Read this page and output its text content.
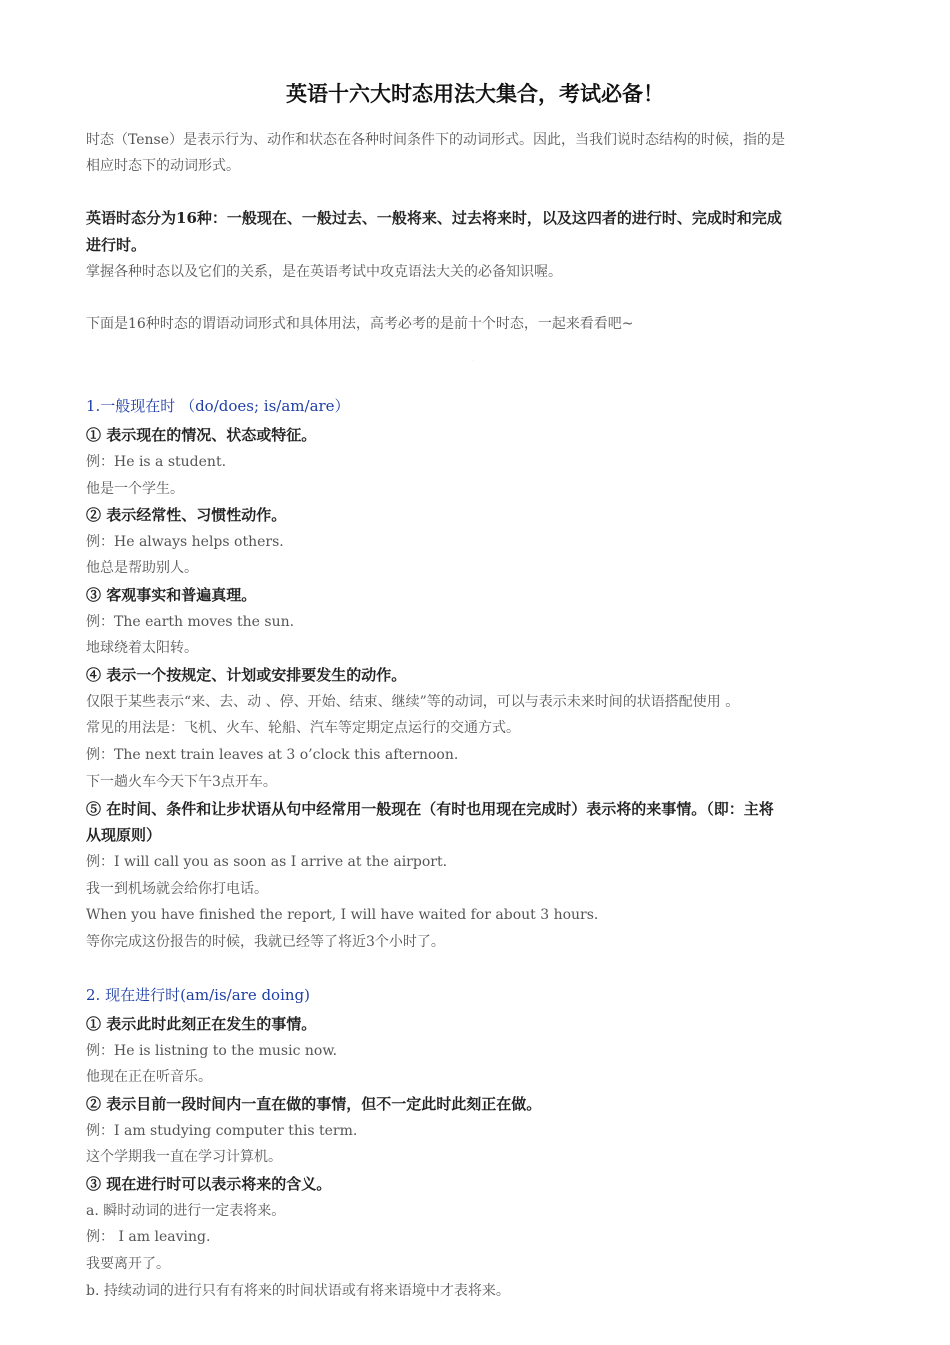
英语十六大时态用法大集合，考试必备！
时态（Tense）是表示行为、动作和状态在各种时间条件下的动词形式。因此，当我们说时态结构的时候，指的是
相应时态下的动词形式。
英语时态分为16种：一般现在、一般过去、一般将来、过去将来时，以及这四者的进行时、完成时和完成
进行时。
掌握各种时态以及它们的关系，是在英语考试中攻克语法大关的必备知识喔。
下面是16种时态的谓语动词形式和具体用法，高考必考的是前十个时态，一起来看看吧~
·
1.一般现在时 （do/does; is/am/are）
① 表示现在的情况、状态或特征。
例：He is a student.
他是一个学生。
② 表示经常性、习惯性动作。
例：He always helps others.
他总是帮助别人。
③ 客观事实和普遍真理。
例：The earth moves the sun.
地球绕着太阳转。
④ 表示一个按规定、计划或安排要发生的动作。
仅限于某些表示“来、去、动 、停、开始、结束、继续”等的动词，可以与表示未来时间的状语搭配使用 。
常见的用法是：飞机、火车、轮船、汽车等定期定点运行的交通方式。
例：The next train leaves at 3 o’clock this afternoon.
下一趟火车今天下午3点开车。
⑤ 在时间、条件和让步状语从句中经常用一般现在（有时也用现在完成时）表示将的来事情。（即：主将
从现原则）
例：I will call you as soon as I arrive at the airport.
我一到机场就会给你打电话。
When you have finished the report, I will have waited for about 3 hours.
等你完成这份报告的时候，我就已经等了将近3个小时了。
2. 现在进行时(am/is/are doing)
① 表示此时此刻正在发生的事情。
例：He is listning to the music now.
他现在正在听音乐。
② 表示目前一段时间内一直在做的事情，但不一定此时此刻正在做。
例：I am studying computer this term.
这个学期我一直在学习计算机。
③ 现在进行时可以表示将来的含义。
a. 瞬时动词的进行一定表将来。
例： I am leaving.
我要离开了。
b. 持续动词的进行只有有将来的时间状语或有将来语境中才表将来。
